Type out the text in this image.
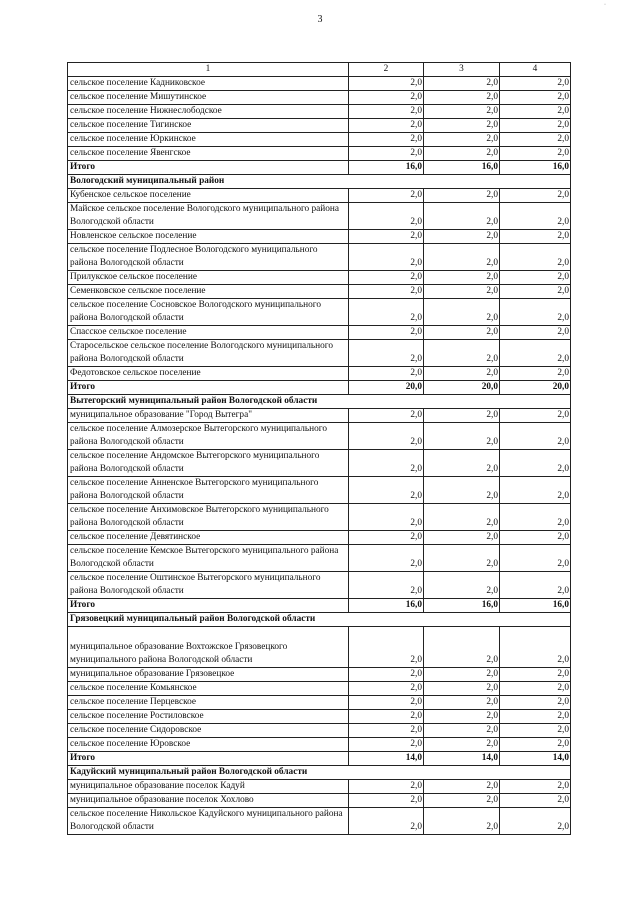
3
1	2	3	4
сельское поселение Кадниковское	2,0	2,0	2,0
сельское поселение Мишутинское	2,0	2,0	2,0
сельское поселение Нижнеслободское	2,0	2,0	2,0
сельское поселение Тигинское	2,0	2,0	2,0
сельское поселение Юркинское	2,0	2,0	2,0
сельское поселение Явенгское	2,0	2,0	2,0
Итого	16,0	16,0	16,0
Вологодский муниципальный район			
Кубенское сельское поселение	2,0	2,0	2,0
Майское сельское поселение Вологодского муниципального района Вологодской области	2,0	2,0	2,0
Новленское сельское поселение	2,0	2,0	2,0
сельское поселение Подлесное Вологодского муниципального района Вологодской области	2,0	2,0	2,0
Прилукское сельское поселение	2,0	2,0	2,0
Семенковское сельское поселение	2,0	2,0	2,0
сельское поселение Сосновское Вологодского муниципального района Вологодской области	2,0	2,0	2,0
Спасское сельское поселение	2,0	2,0	2,0
Старосельское сельское поселение Вологодского муниципального района Вологодской области	2,0	2,0	2,0
Федотовское сельское поселение	2,0	2,0	2,0
Итого	20,0	20,0	20,0
Вытегорский муниципальный район Вологодской области			
муниципальное образование "Город Вытегра"	2,0	2,0	2,0
сельское поселение Алмозерское Вытегорского муниципального района Вологодской области	2,0	2,0	2,0
сельское поселение Андомское Вытегорского муниципального района Вологодской области	2,0	2,0	2,0
сельское поселение Анненское Вытегорского муниципального района Вологодской области	2,0	2,0	2,0
сельское поселение Анхимовское Вытегорского муниципального района Вологодской области	2,0	2,0	2,0
сельское поселение Девятинское	2,0	2,0	2,0
сельское поселение Кемское Вытегорского муниципального района Вологодской области	2,0	2,0	2,0
сельское поселение Оштинское Вытегорского муниципального района Вологодской области	2,0	2,0	2,0
Итого	16,0	16,0	16,0
Грязовецкий муниципальный район Вологодской области			
муниципальное образование Вохтожское Грязовецкого муниципального района Вологодской области	2,0	2,0	2,0
муниципальное образование Грязовецкое	2,0	2,0	2,0
сельское поселение Комьянское	2,0	2,0	2,0
сельское поселение Перцевское	2,0	2,0	2,0
сельское поселение Ростиловское	2,0	2,0	2,0
сельское поселение Сидоровское	2,0	2,0	2,0
сельское поселение Юровское	2,0	2,0	2,0
Итого	14,0	14,0	14,0
Кадуйский муниципальный район Вологодской области			
муниципальное образование поселок Кадуй	2,0	2,0	2,0
муниципальное образование поселок Хохлово	2,0	2,0	2,0
сельское поселение Никольское Кадуйского муниципального района Вологодской области	2,0	2,0	2,0
·
